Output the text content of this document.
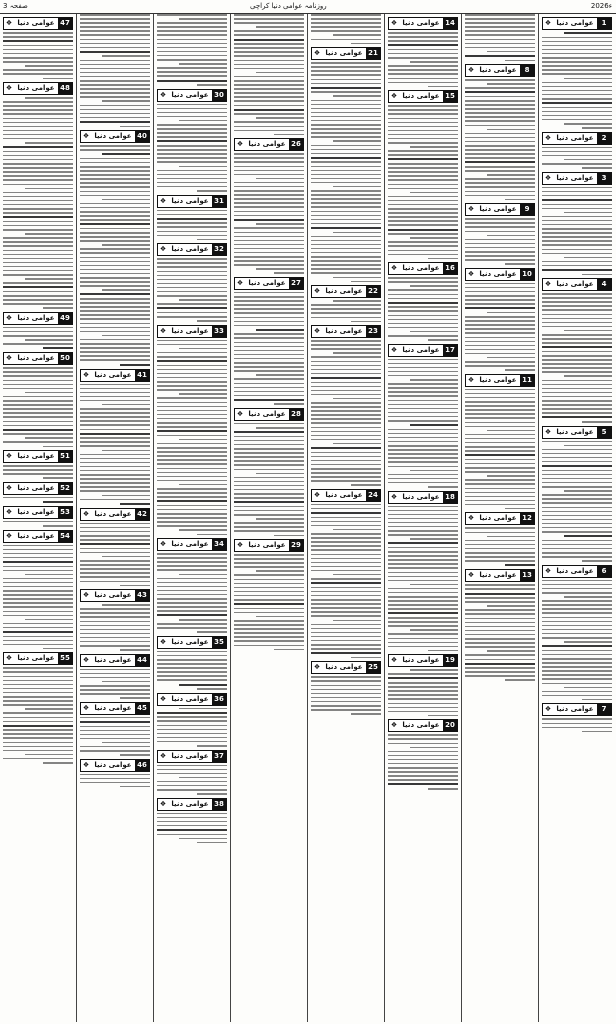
صفحہ 3	روزنامہ عوامی دنیا کراچی	2026ء
❖ عوامی دنیا	1
❖ عوامی دنیا	2
❖ عوامی دنیا	3
❖ عوامی دنیا	4
❖ عوامی دنیا	5
❖ عوامی دنیا	6
❖ عوامی دنیا	7
❖ عوامی دنیا	8
❖ عوامی دنیا	9
❖ عوامی دنیا 10
❖ عوامی دنیا 11
❖ عوامی دنیا 12
❖ عوامی دنیا 13
❖ عوامی دنیا 14
❖ عوامی دنیا 15
❖ عوامی دنیا 16
❖ عوامی دنیا 17
❖ عوامی دنیا 18
❖ عوامی دنیا 19
❖ عوامی دنیا 20
❖ عوامی دنیا 21
❖ عوامی دنیا 22
❖ عوامی دنیا 23
❖ عوامی دنیا 24
❖ عوامی دنیا 25
❖ عوامی دنیا 26
❖ عوامی دنیا 27
❖ عوامی دنیا 28
❖ عوامی دنیا 29
❖ عوامی دنیا 30
❖ عوامی دنیا 31
❖ عوامی دنیا 32
❖ عوامی دنیا 33
❖ عوامی دنیا 34
❖ عوامی دنیا 35
❖ عوامی دنیا 36
❖ عوامی دنیا 37
❖ عوامی دنیا 38
❖ عوامی دنیا 40
❖ عوامی دنیا 41
❖ عوامی دنیا 42
❖ عوامی دنیا 43
❖ عوامی دنیا 44
❖ عوامی دنیا 45
❖ عوامی دنیا 46
❖ عوامی دنیا 47
❖ عوامی دنیا 48
❖ عوامی دنیا 49
❖ عوامی دنیا 50
❖ عوامی دنیا 51
❖ عوامی دنیا 52
❖ عوامی دنیا 53
❖ عوامی دنیا 54
❖ عوامی دنیا 55
